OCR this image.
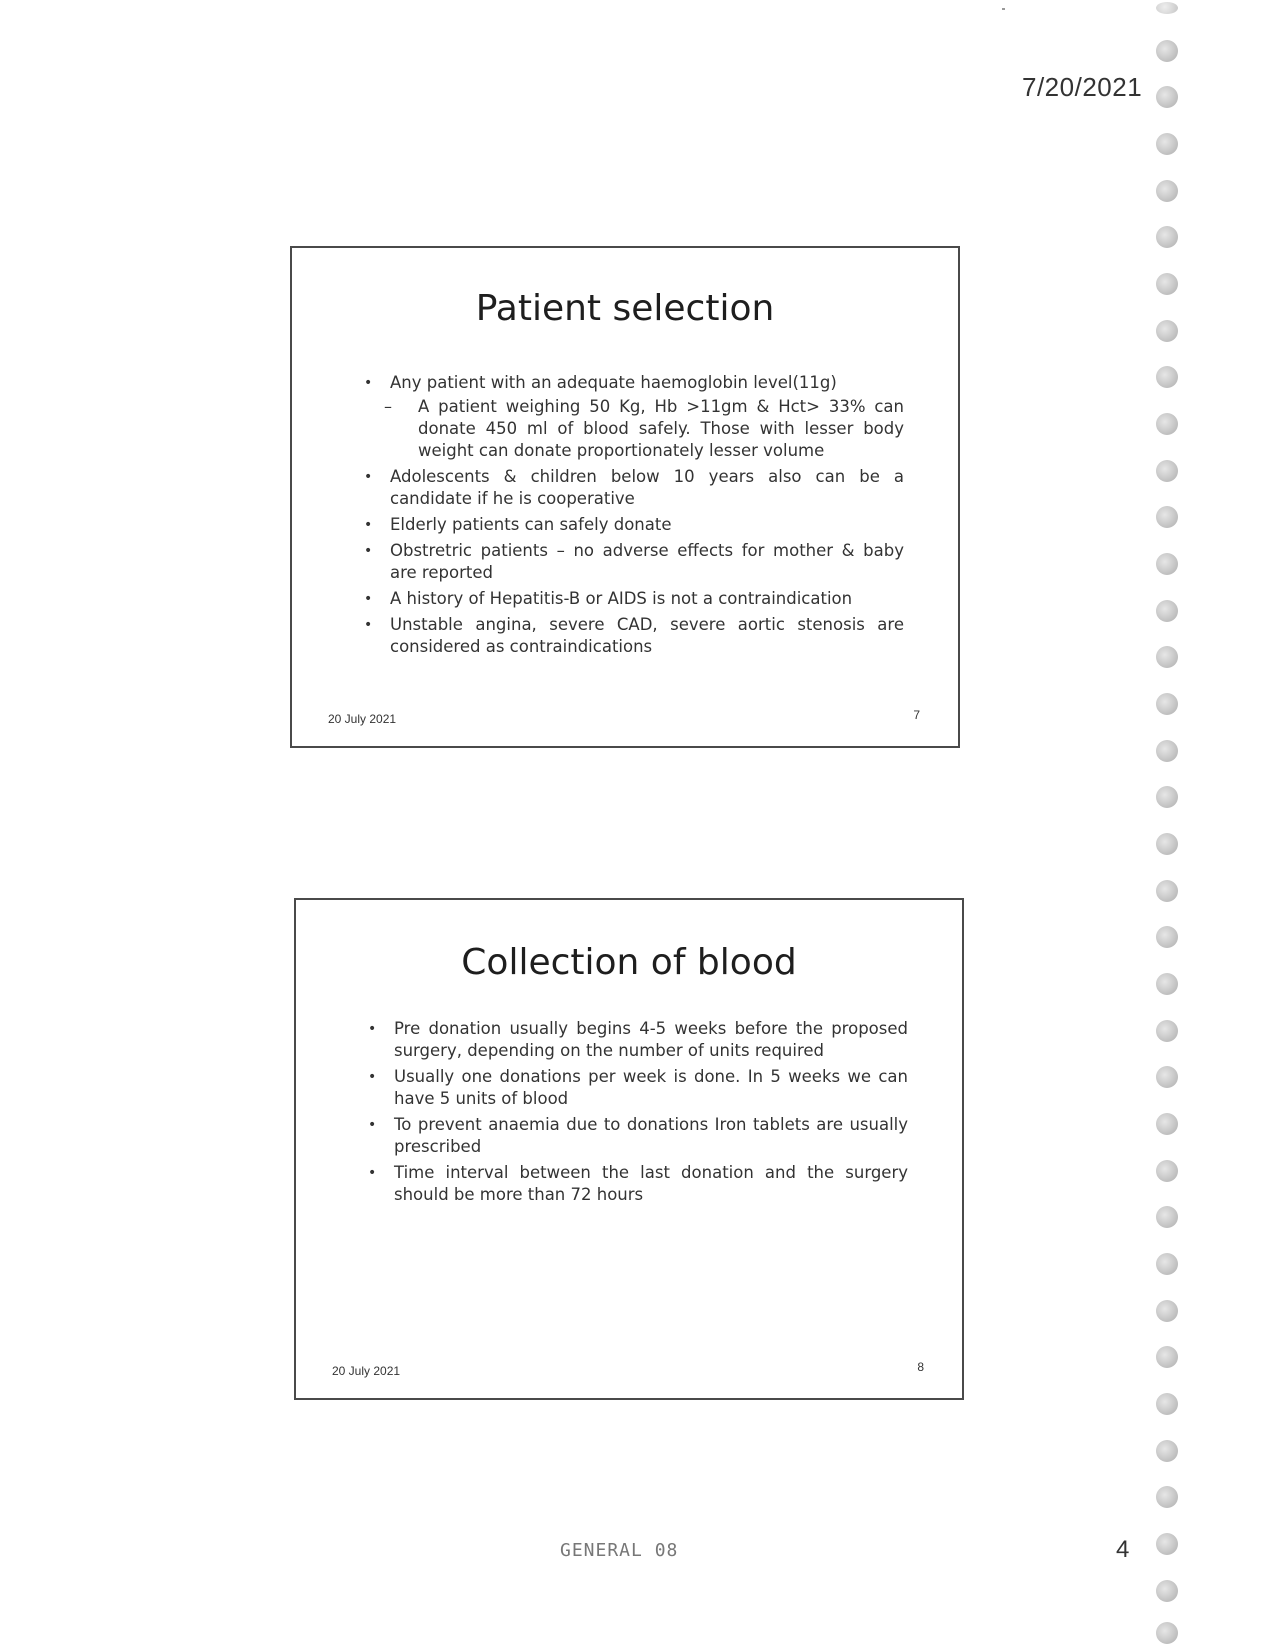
7/20/2021
Patient selection
• Any patient with an adequate haemoglobin level(11g)
– A patient weighing 50 Kg, Hb >11gm & Hct> 33% can donate 450 ml of blood safely. Those with lesser body weight can donate proportionately lesser volume
• Adolescents & children below 10 years also can be a candidate if he is cooperative
• Elderly patients can safely donate
• Obstretric patients – no adverse effects for mother & baby are reported
• A history of Hepatitis-B or AIDS is not a contraindication
• Unstable angina, severe CAD, severe aortic stenosis are considered as contraindications
20 July 2021	7
Collection of blood
• Pre donation usually begins 4-5 weeks before the proposed surgery, depending on the number of units required
• Usually one donations per week is done. In 5 weeks we can have 5 units of blood
• To prevent anaemia due to donations Iron tablets are usually prescribed
• Time interval between the last donation and the surgery should be more than 72 hours
20 July 2021	8
GENERAL 08	4
